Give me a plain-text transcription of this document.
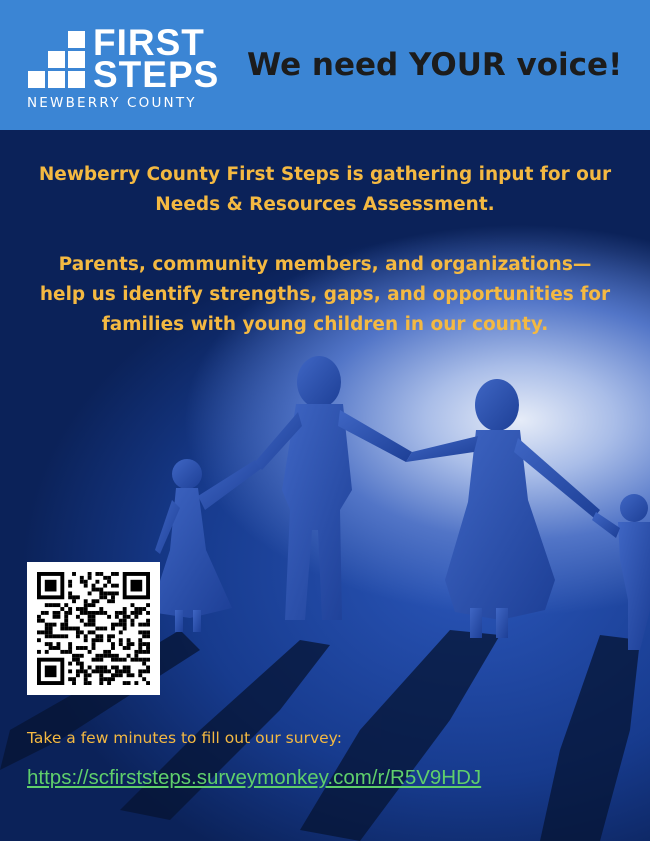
FIRST
STEPS
NEWBERRY COUNTY
We need YOUR voice!

Newberry County First Steps is gathering input for our

Needs & Resources Assessment.

Parents, community members, and organizations—

help us identify strengths, gaps, and opportunities for

families with young children in our county.

Take a few minutes to fill out our survey:
https://scfirststeps.surveymonkey.com/r/R5V9HDJ
